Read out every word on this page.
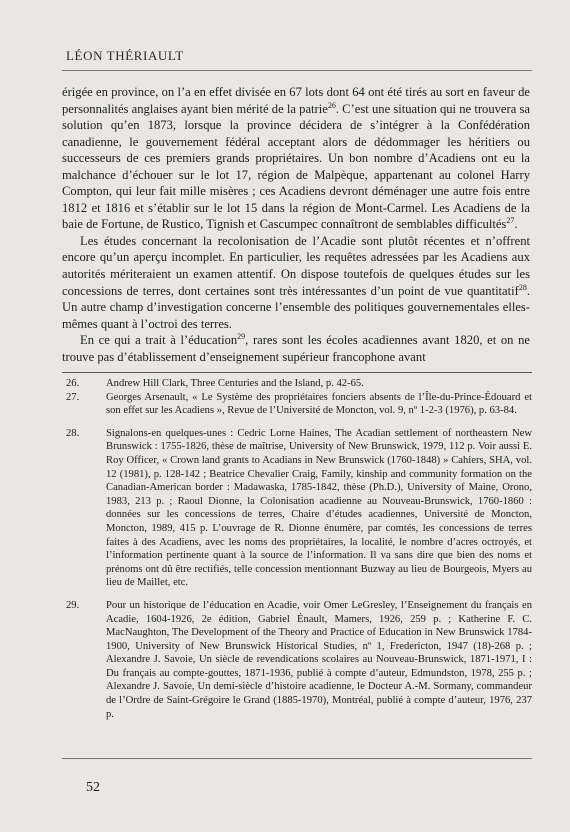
LÉON THÉRIAULT

érigée en province, on l’a en effet divisée en 67 lots dont 64 ont été tirés au sort en faveur de personnalités anglaises ayant bien mérité de la patrie$^{26}$. C’est une situation qui ne trouvera sa solution qu’en 1873, lorsque la province décidera de s’intégrer à la Confédération canadienne, le gouvernement fédéral acceptant alors de dédommager les héritiers ou successeurs de ces premiers grands propriétaires. Un bon nombre d’Acadiens ont eu la malchance d’échouer sur le lot 17, région de Malpèque, appartenant au colonel Harry Compton, qui leur fait mille misères ; ces Acadiens devront déménager une autre fois entre 1812 et 1816 et s’établir sur le lot 15 dans la région de Mont-Carmel. Les Acadiens de la baie de Fortune, de Rustico, Tignish et Cascumpec connaîtront de semblables difficultés$^{27}$.

Les études concernant la recolonisation de l’Acadie sont plutôt récentes et n’offrent encore qu’un aperçu incomplet. En particulier, les requêtes adressées par les Acadiens aux autorités mériteraient un examen attentif. On dispose toutefois de quelques études sur les concessions de terres, dont certaines sont très intéressantes d’un point de vue quantitatif$^{28}$. Un autre champ d’investigation concerne l’ensemble des politiques gouvernementales elles-mêmes quant à l’octroi des terres.

En ce qui a trait à l’éducation$^{29}$, rares sont les écoles acadiennes avant 1820, et on ne trouve pas d’établissement d’enseignement supérieur francophone avant

26.	Andrew Hill Clark, Three Centuries and the Island, p. 42-65.
27.	Georges Arsenault, « Le Système des propriétaires fonciers absents de l’Île-du-Prince-Édouard et son effet sur les Acadiens », Revue de l’Université de Moncton, vol. 9, nº 1-2-3 (1976), p. 63-84.
28.	Signalons-en quelques-unes : Cedric Lorne Haines, The Acadian settlement of northeastern New Brunswick : 1755-1826, thèse de maîtrise, University of New Brunswick, 1979, 112 p. Voir aussi E. Roy Officer, « Crown land grants to Acadians in New Brunswick (1760-1848) » Cahiers, SHA, vol. 12 (1981), p. 128-142 ; Beatrice Chevalier Craig, Family, kinship and community formation on the Canadian-American border : Madawaska, 1785-1842, thèse (Ph.D.), University of Maine, Orono, 1983, 213 p. ; Raoul Dionne, la Colonisation acadienne au Nouveau-Brunswick, 1760-1860 : données sur les concessions de terres, Chaire d’études acadiennes, Université de Moncton, Moncton, 1989, 415 p. L’ouvrage de R. Dionne énumère, par comtés, les concessions de terres faites à des Acadiens, avec les noms des propriétaires, la localité, le nombre d’acres octroyés, et l’information pertinente quant à la source de l’information. Il va sans dire que bien des noms et prénoms ont dû être rectifiés, telle concession mentionnant Buzway au lieu de Bourgeois, Myers au lieu de Maillet, etc.
29.	Pour un historique de l’éducation en Acadie, voir Omer LeGresley, l’Enseignement du français en Acadie, 1604-1926, 2e édition, Gabriel Énault, Mamers, 1926, 259 p. ; Katherine F. C. MacNaughton, The Development of the Theory and Practice of Education in New Brunswick 1784-1900, University of New Brunswick Historical Studies, nº 1, Fredericton, 1947 (18)-268 p. ; Alexandre J. Savoie, Un siècle de revendications scolaires au Nouveau-Brunswick, 1871-1971, I : Du français au compte-gouttes, 1871-1936, publié à compte d’auteur, Edmundston, 1978, 255 p. ; Alexandre J. Savoie, Un demi-siècle d’histoire acadienne, le Docteur A.-M. Sormany, commandeur de l’Ordre de Saint-Grégoire le Grand (1885-1970), Montréal, publié à compte d’auteur, 1976, 237 p.
52
